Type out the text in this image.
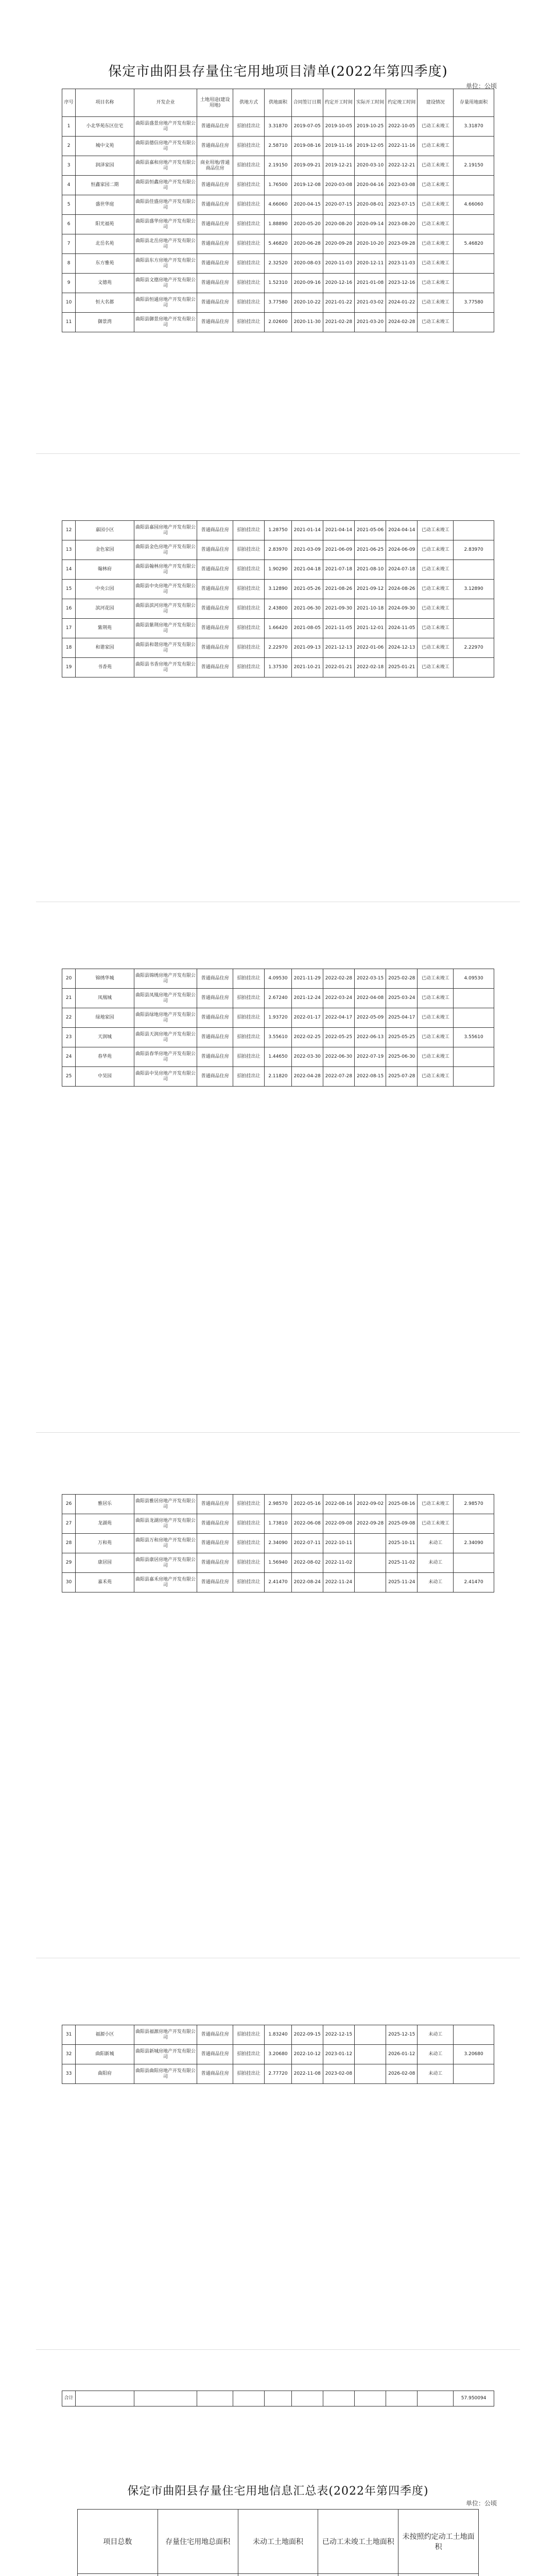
保定市曲阳县存量住宅用地项目清单(2022年第四季度)
单位：公顷
序号	项目名称	开发企业	土地用途(建设用地)	供地方式	供地面积	合同签订日期	约定开工时间	实际开工时间	约定竣工时间	建设情况	存量用地面积
1	小北华苑东区住宅	曲阳县盛景房地产开发有限公司	普通商品住房	招拍挂出让	3.31870	2019-07-05	2019-10-05	2019-10-25	2022-10-05	已动工未竣工	3.31870
2	城中文苑	曲阳县德信房地产开发有限公司	普通商品住房	招拍挂出让	2.58710	2019-08-16	2019-11-16	2019-12-05	2022-11-16	已动工未竣工	
3	润泽家园	曲阳县嘉和房地产开发有限公司	商业用地/普通商品住房	招拍挂出让	2.19150	2019-09-21	2019-12-21	2020-03-10	2022-12-21	已动工未竣工	2.19150
4	恒鑫家园二期	曲阳县恒鑫房地产开发有限公司	普通商品住房	招拍挂出让	1.76500	2019-12-08	2020-03-08	2020-04-16	2023-03-08	已动工未竣工	
5	盛世华庭	曲阳县佳盛房地产开发有限公司	普通商品住房	招拍挂出让	4.66060	2020-04-15	2020-07-15	2020-08-01	2023-07-15	已动工未竣工	4.66060
6	阳光福苑	曲阳县盛华房地产开发有限公司	普通商品住房	招拍挂出让	1.88890	2020-05-20	2020-08-20	2020-09-14	2023-08-20	已动工未竣工	
7	北岳名苑	曲阳县北岳房地产开发有限公司	普通商品住房	招拍挂出让	5.46820	2020-06-28	2020-09-28	2020-10-20	2023-09-28	已动工未竣工	5.46820
8	东方雅苑	曲阳县东方房地产开发有限公司	普通商品住房	招拍挂出让	2.32520	2020-08-03	2020-11-03	2020-12-11	2023-11-03	已动工未竣工	
9	文德苑	曲阳县文德房地产开发有限公司	普通商品住房	招拍挂出让	1.52310	2020-09-16	2020-12-16	2021-01-08	2023-12-16	已动工未竣工	
10	恒大名都	曲阳县恒通房地产开发有限公司	普通商品住房	招拍挂出让	3.77580	2020-10-22	2021-01-22	2021-03-02	2024-01-22	已动工未竣工	3.77580
11	御景湾	曲阳县御景房地产开发有限公司	普通商品住房	招拍挂出让	2.02600	2020-11-30	2021-02-28	2021-03-20	2024-02-28	已动工未竣工	
12	嘉园小区	曲阳县嘉园房地产开发有限公司	普通商品住房	招拍挂出让	1.28750	2021-01-14	2021-04-14	2021-05-06	2024-04-14	已动工未竣工	
13	金色家园	曲阳县金色房地产开发有限公司	普通商品住房	招拍挂出让	2.83970	2021-03-09	2021-06-09	2021-06-25	2024-06-09	已动工未竣工	2.83970
14	翰林府	曲阳县翰林房地产开发有限公司	普通商品住房	招拍挂出让	1.90290	2021-04-18	2021-07-18	2021-08-10	2024-07-18	已动工未竣工	
15	中央公园	曲阳县中央房地产开发有限公司	普通商品住房	招拍挂出让	3.12890	2021-05-26	2021-08-26	2021-09-12	2024-08-26	已动工未竣工	3.12890
16	滨河花园	曲阳县滨河房地产开发有限公司	普通商品住房	招拍挂出让	2.43800	2021-06-30	2021-09-30	2021-10-18	2024-09-30	已动工未竣工	
17	紫荆苑	曲阳县紫荆房地产开发有限公司	普通商品住房	招拍挂出让	1.66420	2021-08-05	2021-11-05	2021-12-01	2024-11-05	已动工未竣工	
18	和谐家园	曲阳县和谐房地产开发有限公司	普通商品住房	招拍挂出让	2.22970	2021-09-13	2021-12-13	2022-01-06	2024-12-13	已动工未竣工	2.22970
19	书香苑	曲阳县书香房地产开发有限公司	普通商品住房	招拍挂出让	1.37530	2021-10-21	2022-01-21	2022-02-18	2025-01-21	已动工未竣工	
20	锦绣华城	曲阳县锦绣房地产开发有限公司	普通商品住房	招拍挂出让	4.09530	2021-11-29	2022-02-28	2022-03-15	2025-02-28	已动工未竣工	4.09530
21	凤凰城	曲阳县凤凰房地产开发有限公司	普通商品住房	招拍挂出让	2.67240	2021-12-24	2022-03-24	2022-04-08	2025-03-24	已动工未竣工	
22	绿地家园	曲阳县绿地房地产开发有限公司	普通商品住房	招拍挂出让	1.93720	2022-01-17	2022-04-17	2022-05-09	2025-04-17	已动工未竣工	
23	天润城	曲阳县天润房地产开发有限公司	普通商品住房	招拍挂出让	3.55610	2022-02-25	2022-05-25	2022-06-13	2025-05-25	已动工未竣工	3.55610
24	春华苑	曲阳县春华房地产开发有限公司	普通商品住房	招拍挂出让	1.44650	2022-03-30	2022-06-30	2022-07-19	2025-06-30	已动工未竣工	
25	中昊园	曲阳县中昊房地产开发有限公司	普通商品住房	招拍挂出让	2.11820	2022-04-28	2022-07-28	2022-08-15	2025-07-28	已动工未竣工	
26	雅居乐	曲阳县雅居房地产开发有限公司	普通商品住房	招拍挂出让	2.98570	2022-05-16	2022-08-16	2022-09-02	2025-08-16	已动工未竣工	2.98570
27	龙湖苑	曲阳县龙湖房地产开发有限公司	普通商品住房	招拍挂出让	1.73810	2022-06-08	2022-09-08	2022-09-28	2025-09-08	已动工未竣工	
28	万和苑	曲阳县万和房地产开发有限公司	普通商品住房	招拍挂出让	2.34090	2022-07-11	2022-10-11		2025-10-11	未动工	2.34090
29	康居园	曲阳县康居房地产开发有限公司	普通商品住房	招拍挂出让	1.56940	2022-08-02	2022-11-02		2025-11-02	未动工	
30	嘉禾苑	曲阳县嘉禾房地产开发有限公司	普通商品住房	招拍挂出让	2.41470	2022-08-24	2022-11-24		2025-11-24	未动工	2.41470
31	福源小区	曲阳县福源房地产开发有限公司	普通商品住房	招拍挂出让	1.83240	2022-09-15	2022-12-15		2025-12-15	未动工	
32	曲阳新城	曲阳县新城房地产开发有限公司	普通商品住房	招拍挂出让	3.20680	2022-10-12	2023-01-12		2026-01-12	未动工	3.20680
33	曲阳府	曲阳县曲阳房地产开发有限公司	普通商品住房	招拍挂出让	2.77720	2022-11-08	2023-02-08		2026-02-08	未动工	
合计											57.950094
保定市曲阳县存量住宅用地信息汇总表(2022年第四季度)
单位：公顷
项目总数	存量住宅用地总面积	未动工土地面积	已动工未竣工土地面积	未按照约定动工土地面积
